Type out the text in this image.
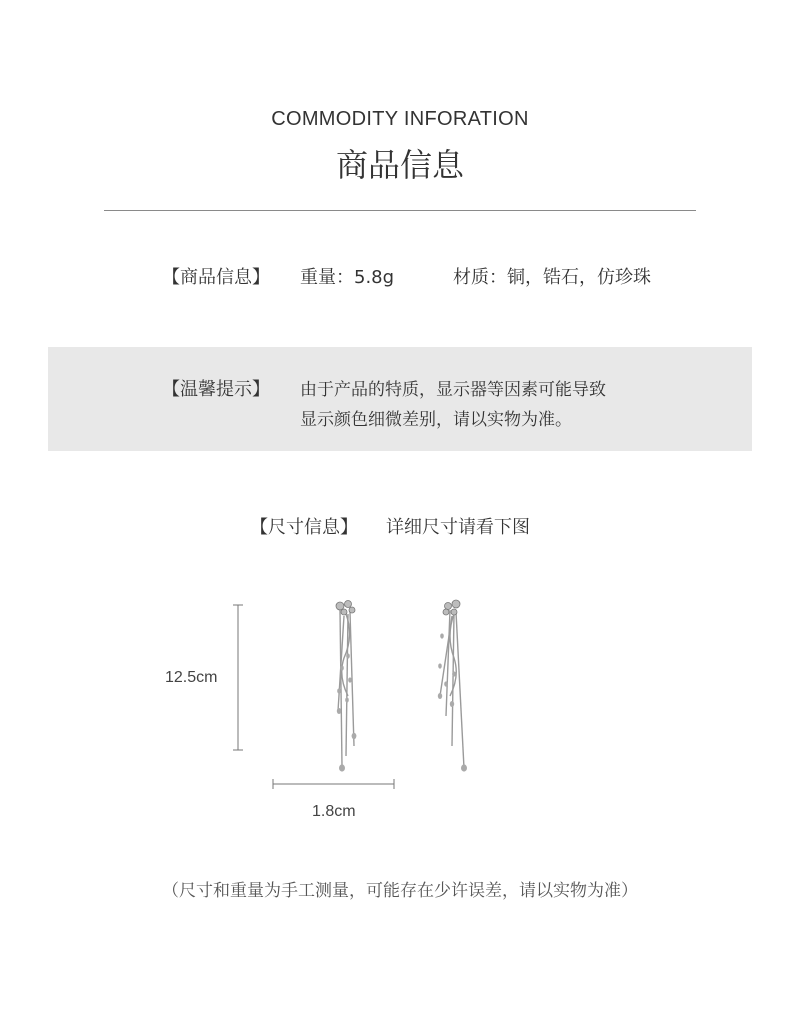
COMMODITY INFORATION
商品信息
【商品信息】 重量：5.8g	材质：铜，锆石，仿珍珠
【温馨提示】 由于产品的特质，显示器等因素可能导致
显示颜色细微差别，请以实物为准。
【尺寸信息】 详细尺寸请看下图
12.5cm
1.8cm
（尺寸和重量为手工测量，可能存在少许误差，请以实物为准）
